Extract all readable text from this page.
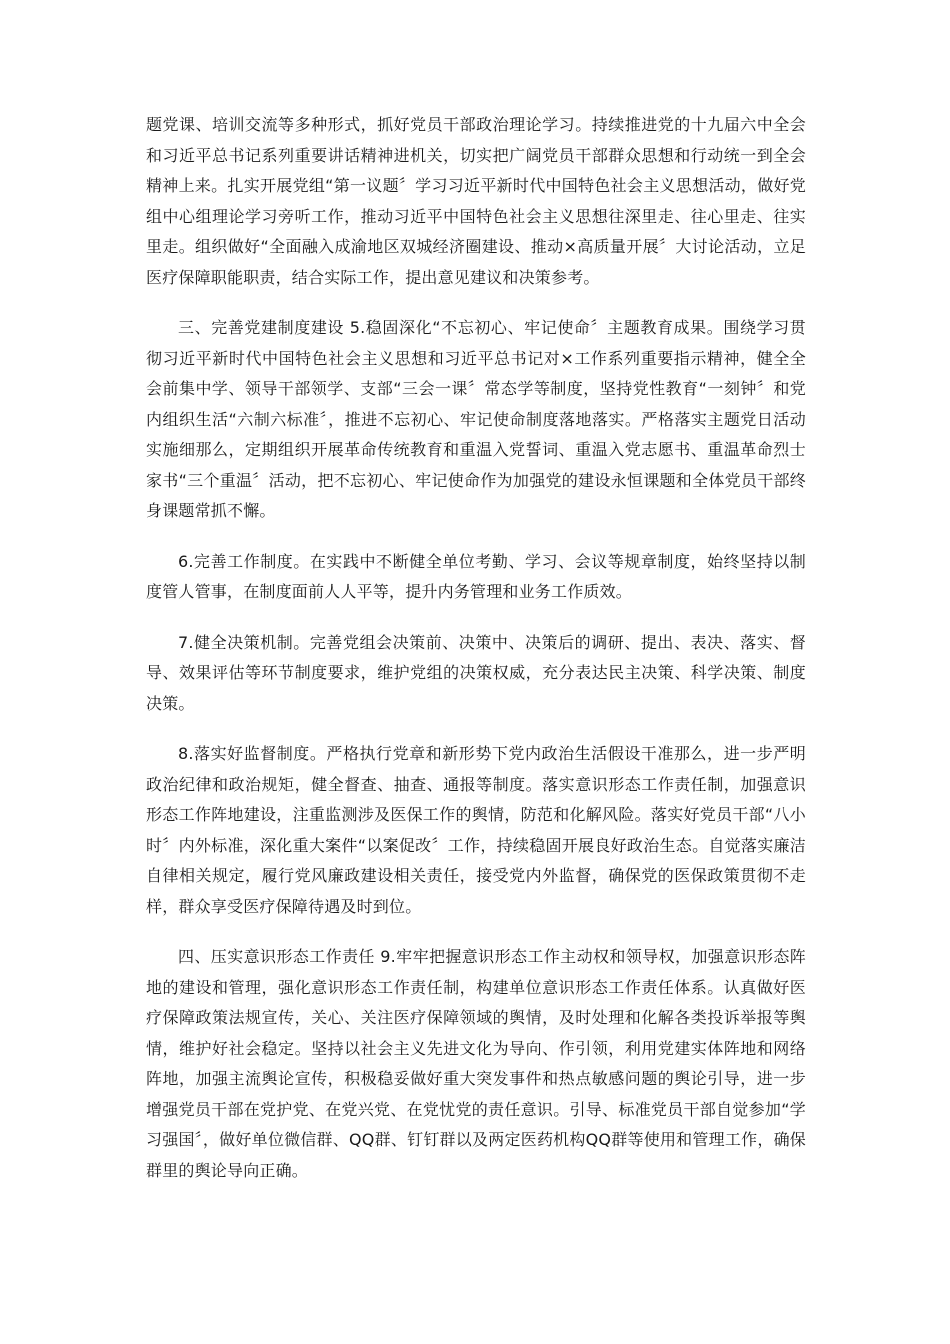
题党课、培训交流等多种形式，抓好党员干部政治理论学习。持续推进党的十九届六中全会和习近平总书记系列重要讲话精神进机关，切实把广阔党员干部群众思想和行动统一到全会精神上来。扎实开展党组“第一议题〞学习习近平新时代中国特色社会主义思想活动，做好党组中心组理论学习旁听工作，推动习近平中国特色社会主义思想往深里走、往心里走、往实里走。组织做好“全面融入成渝地区双城经济圈建设、推动×高质量开展〞大讨论活动，立足医疗保障职能职责，结合实际工作，提出意见建议和决策参考。

三、完善党建制度建设 5.稳固深化“不忘初心、牢记使命〞主题教育成果。围绕学习贯彻习近平新时代中国特色社会主义思想和习近平总书记对×工作系列重要指示精神，健全全会前集中学、领导干部领学、支部“三会一课〞常态学等制度，坚持党性教育“一刻钟〞和党内组织生活“六制六标准〞，推进不忘初心、牢记使命制度落地落实。严格落实主题党日活动实施细那么，定期组织开展革命传统教育和重温入党誓词、重温入党志愿书、重温革命烈士家书“三个重温〞活动，把不忘初心、牢记使命作为加强党的建设永恒课题和全体党员干部终身课题常抓不懈。

6.完善工作制度。在实践中不断健全单位考勤、学习、会议等规章制度，始终坚持以制度管人管事，在制度面前人人平等，提升内务管理和业务工作质效。

7.健全决策机制。完善党组会决策前、决策中、决策后的调研、提出、表决、落实、督导、效果评估等环节制度要求，维护党组的决策权威，充分表达民主决策、科学决策、制度决策。

8.落实好监督制度。严格执行党章和新形势下党内政治生活假设干准那么，进一步严明政治纪律和政治规矩，健全督查、抽查、通报等制度。落实意识形态工作责任制，加强意识形态工作阵地建设，注重监测涉及医保工作的舆情，防范和化解风险。落实好党员干部“八小时〞内外标准，深化重大案件“以案促改〞工作，持续稳固开展良好政治生态。自觉落实廉洁自律相关规定，履行党风廉政建设相关责任，接受党内外监督，确保党的医保政策贯彻不走样，群众享受医疗保障待遇及时到位。

四、压实意识形态工作责任 9.牢牢把握意识形态工作主动权和领导权，加强意识形态阵地的建设和管理，强化意识形态工作责任制，构建单位意识形态工作责任体系。认真做好医疗保障政策法规宣传，关心、关注医疗保障领域的舆情，及时处理和化解各类投诉举报等舆情，维护好社会稳定。坚持以社会主义先进文化为导向、作引领，利用党建实体阵地和网络阵地，加强主流舆论宣传，积极稳妥做好重大突发事件和热点敏感问题的舆论引导，进一步增强党员干部在党护党、在党兴党、在党忧党的责任意识。引导、标准党员干部自觉参加“学习强国〞，做好单位微信群、QQ群、钉钉群以及两定医药机构QQ群等使用和管理工作，确保群里的舆论导向正确。
